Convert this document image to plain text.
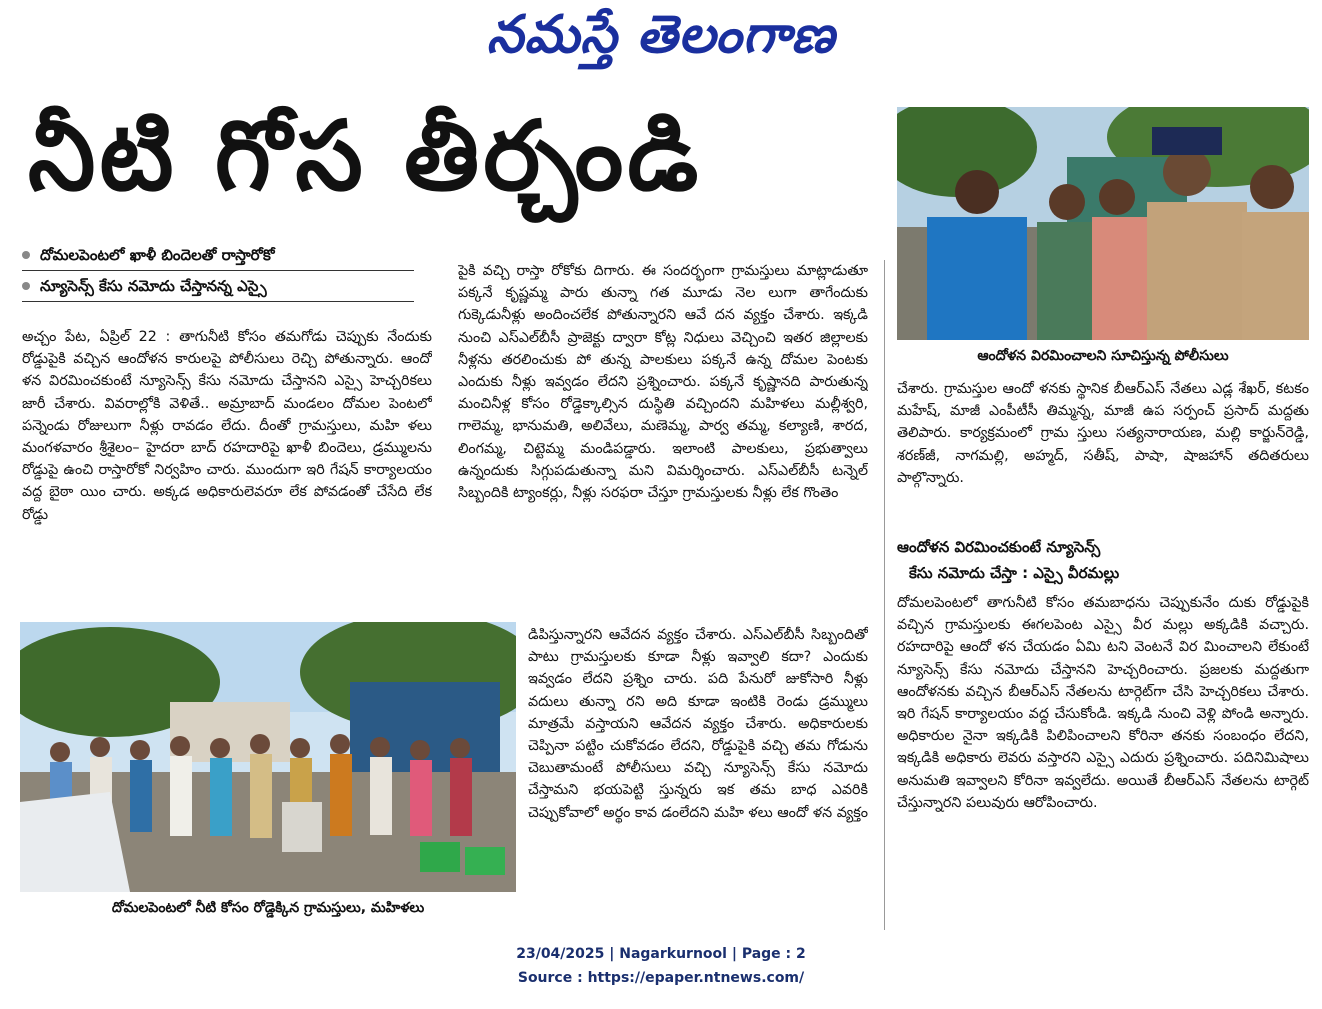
నమస్తే తెలంగాణ
నీటి గోస తీర్చండి
దోమలపెంటలో ఖాళీ బిందెలతో రాస్తారోకో
న్యూసెన్స్ కేసు నమోదు చేస్తానన్న ఎస్సై

అచ్చం పేట, ఏప్రిల్ 22 : తాగునీటి కోసం తమగోడు చెప్పుకు నేందుకు రోడ్డుపైకి వచ్చిన ఆందోళన కారులపై పోలీసులు రెచ్చి పోతున్నారు. ఆందో ళన విరమించకుంటే న్యూసెన్స్ కేసు నమోదు చేస్తానని ఎస్సై హెచ్చరికలు జారీ చేశారు. వివరాల్లోకి వెళితే.. అమ్రాబాద్ మండలం దోమల పెంటలో పన్నెండు రోజులుగా నీళ్లు రావడం లేదు. దీంతో గ్రామస్తులు, మహి ళలు మంగళవారం శ్రీశైలం– హైదరా బాద్ రహదారిపై ఖాళీ బిందెలు, డ్రమ్ములను రోడ్డుపై ఉంచి రాస్తారోకో నిర్వహిం చారు. ముందుగా ఇరి గేషన్ కార్యాలయం వద్ద బైఠా యిం చారు. అక్కడ అధికారులెవరూ లేక పోవడంతో చేసేది లేక రోడ్డు

పైకి వచ్చి రాస్తా రోకోకు దిగారు. ఈ సందర్భంగా గ్రామస్తులు మాట్లాడుతూ పక్కనే కృష్ణమ్మ పారు తున్నా గత మూడు నెల లుగా తాగేందుకు గుక్కెడునీళ్లు అందించలేక పోతున్నారని ఆవే దన వ్యక్తం చేశారు. ఇక్కడి నుంచి ఎస్ఎల్‌బీసీ ప్రాజెక్టు ద్వారా కోట్ల నిధులు వెచ్చించి ఇతర జిల్లాలకు నీళ్లను తరలించుకు పో తున్న పాలకులు పక్కనే ఉన్న దోమల పెంటకు ఎందుకు నీళ్లు ఇవ్వడం లేదని ప్రశ్నించారు. పక్కనే కృష్ణానది పారుతున్న మంచినీళ్ల కోసం రోడ్డెక్కాల్సిన దుస్థితి వచ్చిందని మహిళలు మల్లీశ్వరి, గాలెమ్మ, భానుమతి, అలివేలు, మణెమ్మ, పార్వ తమ్మ, కల్యాణి, శారద, లింగమ్మ, చిట్టెమ్మ మండిపడ్డారు. ఇలాంటి పాలకులు, ప్రభుత్వాలు ఉన్నందుకు సిగ్గుపడుతున్నా మని విమర్శించారు. ఎస్ఎల్‌బీసీ టన్నెల్ సిబ్బందికి ట్యాంకర్లు, నీళ్లు సరఫరా చేస్తూ గ్రామస్తులకు నీళ్లు లేక గొంతెం

దోమలపెంటలో నీటి కోసం రోడ్డెక్కిన గ్రామస్తులు, మహిళలు

డిపిస్తున్నారని ఆవేదన వ్యక్తం చేశారు. ఎస్ఎల్‌బీసీ సిబ్బందితో పాటు గ్రామస్తులకు కూడా నీళ్లు ఇవ్వాలి కదా? ఎందుకు ఇవ్వడం లేదని ప్రశ్నిం చారు. పది పేనురో జుకోసారి నీళ్లు వదులు తున్నా రని అది కూడా ఇంటికి రెండు డ్రమ్ములు మాత్రమే వస్తాయని ఆవేదన వ్యక్తం చేశారు. అధికారులకు చెప్పినా పట్టిం చుకోవడం లేదని, రోడ్డుపైకి వచ్చి తమ గోడును చెబుతామంటే పోలీసులు వచ్చి న్యూసెన్స్ కేసు నమోదు చేస్తామని భయపెట్టి స్తున్నరు ఇక తమ బాధ ఎవరికి చెప్పుకోవాలో అర్థం కావ డంలేదని మహి ళలు ఆందో ళన వ్యక్తం

ఆందోళన విరమించాలని సూచిస్తున్న పోలీసులు

చేశారు. గ్రామస్తుల ఆందో ళనకు స్థానిక బీఆర్ఎస్ నేతలు ఎడ్ల శేఖర్, కటకం మహేష్, మాజీ ఎంపీటీసీ తిమ్మన్న, మాజీ ఉప సర్పంచ్ ప్రసాద్ మద్దతు తెలిపారు. కార్యక్రమంలో గ్రామ స్తులు సత్యనారాయణ, మల్లి కార్జున్‌రెడ్డి, శరణ్‌జీ, నాగమల్లి, అహ్మద్, సతీష్, పాషా, షాజహాన్ తదితరులు పాల్గొన్నారు.

ఆందోళన విరమించకుంటే న్యూసెన్స్
కేసు నమోదు చేస్తా : ఎస్సై వీరమల్లు

దోమలపెంటలో తాగునీటి కోసం తమబాధను చెప్పుకునేం దుకు రోడ్డుపైకి వచ్చిన గ్రామస్తులకు ఈగలపెంట ఎస్సై వీర మల్లు అక్కడికి వచ్చారు. రహదారిపై ఆందో ళన చేయడం ఏమి టని వెంటనే విర మించాలని లేకుంటే న్యూసెన్స్ కేసు నమోదు చేస్తానని హెచ్చరించారు. ప్రజలకు మద్దతుగా ఆందోళనకు వచ్చిన బీఆర్ఎస్ నేతలను టార్గెట్‌గా చేసి హెచ్చరికలు చేశారు. ఇరి గేషన్ కార్యాలయం వద్ద చేసుకోండి. ఇక్కడి నుంచి వెళ్లి పోండి అన్నారు. అధికారుల నైనా ఇక్కడికి పిలిపించాలని కోరినా తనకు సంబంధం లేదని, ఇక్కడికి అధికారు లెవరు వస్తారని ఎస్సై ఎదురు ప్రశ్నించారు. పదినిమిషాలు అనుమతి ఇవ్వాలని కోరినా ఇవ్వలేదు. అయితే బీఆర్ఎస్ నేతలను టార్గెట్ చేస్తున్నారని పలువురు ఆరోపించారు.

23/04/2025 | Nagarkurnool | Page : 2
Source : https://epaper.ntnews.com/
